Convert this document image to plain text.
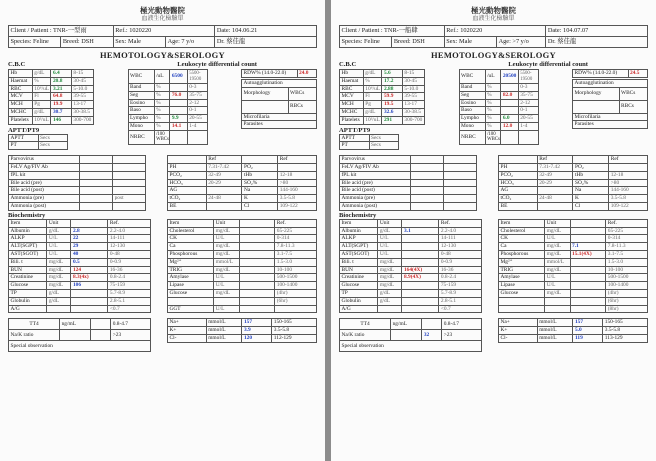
極光動物醫院
血液生化檢驗單
Client / Patient : TNR-一型雨	Ref.: 1020220	Date: 104.06.21
Species: Feline	Breed: DSH	Sex: Male	Age: 7 y/o	Dr. 蔡佳龍
HEMOTOLOGY&SEROLOGY
C.B.C	Leukocyte differential count
Hb	g/dL	6.4	8-15
Haemat	%	20.8	30-45
RBC	10⁶/uL	3.21	5-10.0
MCV	Fl	64.8	39-55
MCH	Pg	19.9	13-17
MCHC	g/dL	30.7	30-38.5
Platelets	10³/uL	146	300-700
APTT/PT9
APTT	Secs
PT	Secs
WBC	/uL	6500	5500-
19500
Band	%		0-3
Seg	%	76.0	35-75
Eosino	%		2-12
Baso	%		0-1
Lympho	%	9.9	20-55
Mono	%	14.1	1-4
NRBC	/100
WBCs		
RDW% (14.0-22.0)	24.0
Autoagglutination	
Morphology	WBCs
	RBCs
Microfilaria	
Parasites	
Parvovirus		
FeLV Ag/FIV Ab		
fPL kit		
Bile acid (pre)		
Bile acid (post)		
Ammonia (pre)		post
Ammonia (post)		
	Ref		Ref
PH	7.31-7.42	PO₂	
PCO₂	32-49	tHb	12-18
HCO₃	20-29	SO₂%	>80
AG		Na	144-160
tCO₂	24-48	K	3.5-5.8
BE		Cl	109-122
Biochemistry
Item	Unit		Ref.
Albumin	g/dL	2.8	2.2-4.0
ALKP	U/L	22	14-111
ALT(SGPT)	U/L	29	12-130
AST(SGOT)	U/L	40	0-48
Bili. t	mg/dL	0.5	0-0.9
BUN	mg/dL	124	16-36
Creatinine	mg/dL	8.3(4x)	0.8-2.4
Glucose	mg/dL	106	75-159
TP	g/dL		5.7-8.9
Globulin	g/dL		2.8-5.1
A/G			<0.7
Item	Unit		Ref.
Cholesterol	mg/dL		65-225
CK	U/L		0-314
Ca	mg/dL		7.8-11.3
Phosphorous	mg/dL		3.1-7.5
Mg²⁺	mmol/L		1.5-3.0
TRIG	mg/dL		10-100
Amylase	U/L		500-1500
Lipase	U/L		100-1400
Glucose	mg/dL		(4hr)
			(6hr)
GGT	U/L		
TT4	ng/mL		0.8-4.7
Na/K ratio			>23
Special observation			
Na+	mmol/L	157	150-165
K+	mmol/L	3.9	3.5-5.8
Cl-	mmol/L	120	112-129
極光動物醫院
血液生化檢驗單
Client / Patient : TNR-一船肆	Ref.: 1020220	Date: 104.07.07
Species: Feline	Breed: DSH	Sex: Male	Age: >7 y/o	Dr. 蔡佳龍
HEMOTOLOGY&SEROLOGY
C.B.C	Leukocyte differential count
Hb	g/dL	5.6	8-15
Haemat	%	17.2	30-45
RBC	10⁶/uL	2.88	5-10.0
MCV	Fl	59.9	39-55
MCH	Pg	19.5	13-17
MCHC	g/dL	32.6	30-38.5
Platelets	10³/uL	291	300-700
APTT/PT9
APTT	Secs
PT	Secs
WBC	/uL	20500	5500-
19500
Band	%		0-3
Seg	%	82.0	35-75
Eosino	%		2-12
Baso	%		0-1
Lympho	%	6.0	20-55
Mono	%	12.0	1-4
NRBC	/100
WBCs		
RDW% (14.0-22.0)	24.5
Autoagglutination	
Morphology	WBCs
	RBCs
Microfilaria	
Parasites	
Parvovirus		
FeLV Ag/FIV Ab		
fPL kit		
Bile acid (pre)		
Bile acid (post)		
Ammonia (pre)		
Ammonia (post)		
	Ref		Ref
PH	7.31-7.42	PO₂	
PCO₂	32-49	tHb	12-18
HCO₃	20-29	SO₂%	>80
AG		Na	144-160
tCO₂	24-48	K	3.5-5.8
BE		Cl	109-122
Biochemistry
Item	Unit		Ref.
Albumin	g/dL	3.1	2.2-4.0
ALKP	U/L		14-111
ALT(SGPT)	U/L		12-130
AST(SGOT)	U/L		0-48
Bili. t	mg/dL		0-0.9
BUN	mg/dL	164(4X)	16-36
Creatinine	mg/dL	8.9(4X)	0.8-2.4
Glucose	mg/dL		75-159
TP	g/dL		5.7-8.9
Globulin	g/dL		2.8-5.1
A/G			<0.7
Item	Unit		Ref.
Cholesterol	mg/dL		65-225
CK	U/L		0-314
Ca	mg/dL	7.1	7.8-11.3
Phosphorous	mg/dL	15.1(4X)	3.1-7.5
Mg²⁺	mmol/L		1.5-3.0
TRIG	mg/dL		10-100
Amylase	U/L		500-1500
Lipase	U/L		100-1400
Glucose	mg/dL		(4hr)
			(6hr)
			(8hr)
TT4	ng/mL		0.8-4.7
Na/K ratio		32	>23
Special observation			
Na+	mmol/L	157	150-165
K+	mmol/L	5.0	3.5-5.8
Cl-	mmol/L	119	113-129
